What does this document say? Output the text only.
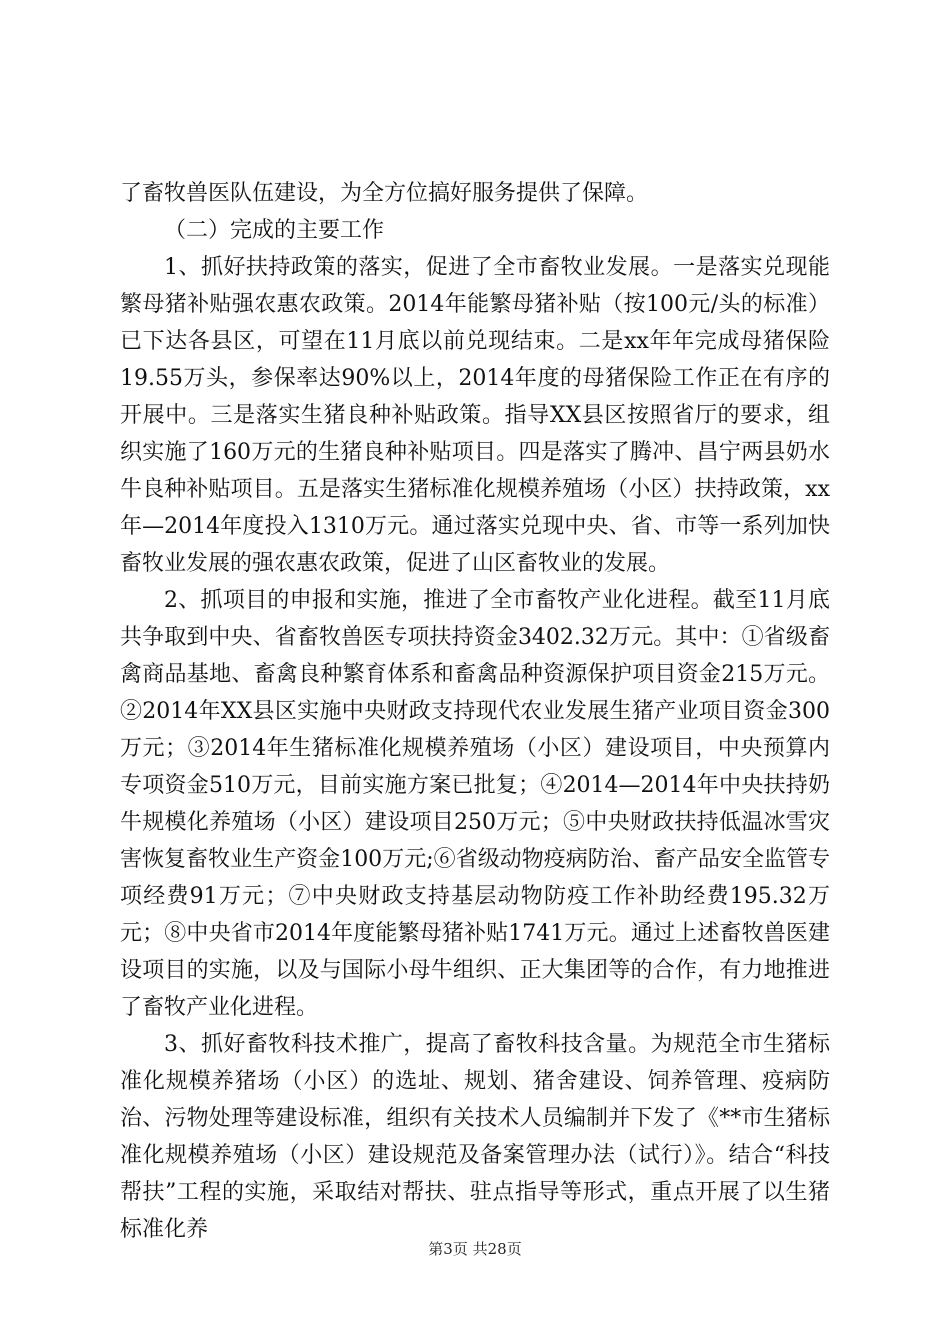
了畜牧兽医队伍建设，为全方位搞好服务提供了保障。

（二）完成的主要工作

1、抓好扶持政策的落实，促进了全市畜牧业发展。一是落实兑现能繁母猪补贴强农惠农政策。2014年能繁母猪补贴（按100元/头的标准）已下达各县区，可望在11月底以前兑现结束。二是xx年年完成母猪保险19.55万头，参保率达90%以上，2014年度的母猪保险工作正在有序的开展中。三是落实生猪良种补贴政策。指导XX县区按照省厅的要求，组织实施了160万元的生猪良种补贴项目。四是落实了腾冲、昌宁两县奶水牛良种补贴项目。五是落实生猪标准化规模养殖场（小区）扶持政策，xx年—2014年度投入1310万元。通过落实兑现中央、省、市等一系列加快畜牧业发展的强农惠农政策，促进了山区畜牧业的发展。

2、抓项目的申报和实施，推进了全市畜牧产业化进程。截至11月底共争取到中央、省畜牧兽医专项扶持资金3402.32万元。其中：①省级畜禽商品基地、畜禽良种繁育体系和畜禽品种资源保护项目资金215万元。②2014年XX县区实施中央财政支持现代农业发展生猪产业项目资金300万元；③2014年生猪标准化规模养殖场（小区）建设项目，中央预算内专项资金510万元，目前实施方案已批复；④2014—2014年中央扶持奶牛规模化养殖场（小区）建设项目250万元；⑤中央财政扶持低温冰雪灾害恢复畜牧业生产资金100万元;⑥省级动物疫病防治、畜产品安全监管专项经费91万元；⑦中央财政支持基层动物防疫工作补助经费195.32万元；⑧中央省市2014年度能繁母猪补贴1741万元。通过上述畜牧兽医建设项目的实施，以及与国际小母牛组织、正大集团等的合作，有力地推进了畜牧产业化进程。

3、抓好畜牧科技术推广，提高了畜牧科技含量。为规范全市生猪标准化规模养猪场（小区）的选址、规划、猪舍建设、饲养管理、疫病防治、污物处理等建设标准，组织有关技术人员编制并下发了《**市生猪标准化规模养殖场（小区）建设规范及备案管理办法（试行）》。结合“科技帮扶”工程的实施，采取结对帮扶、驻点指导等形式，重点开展了以生猪标准化养

第3页 共28页
